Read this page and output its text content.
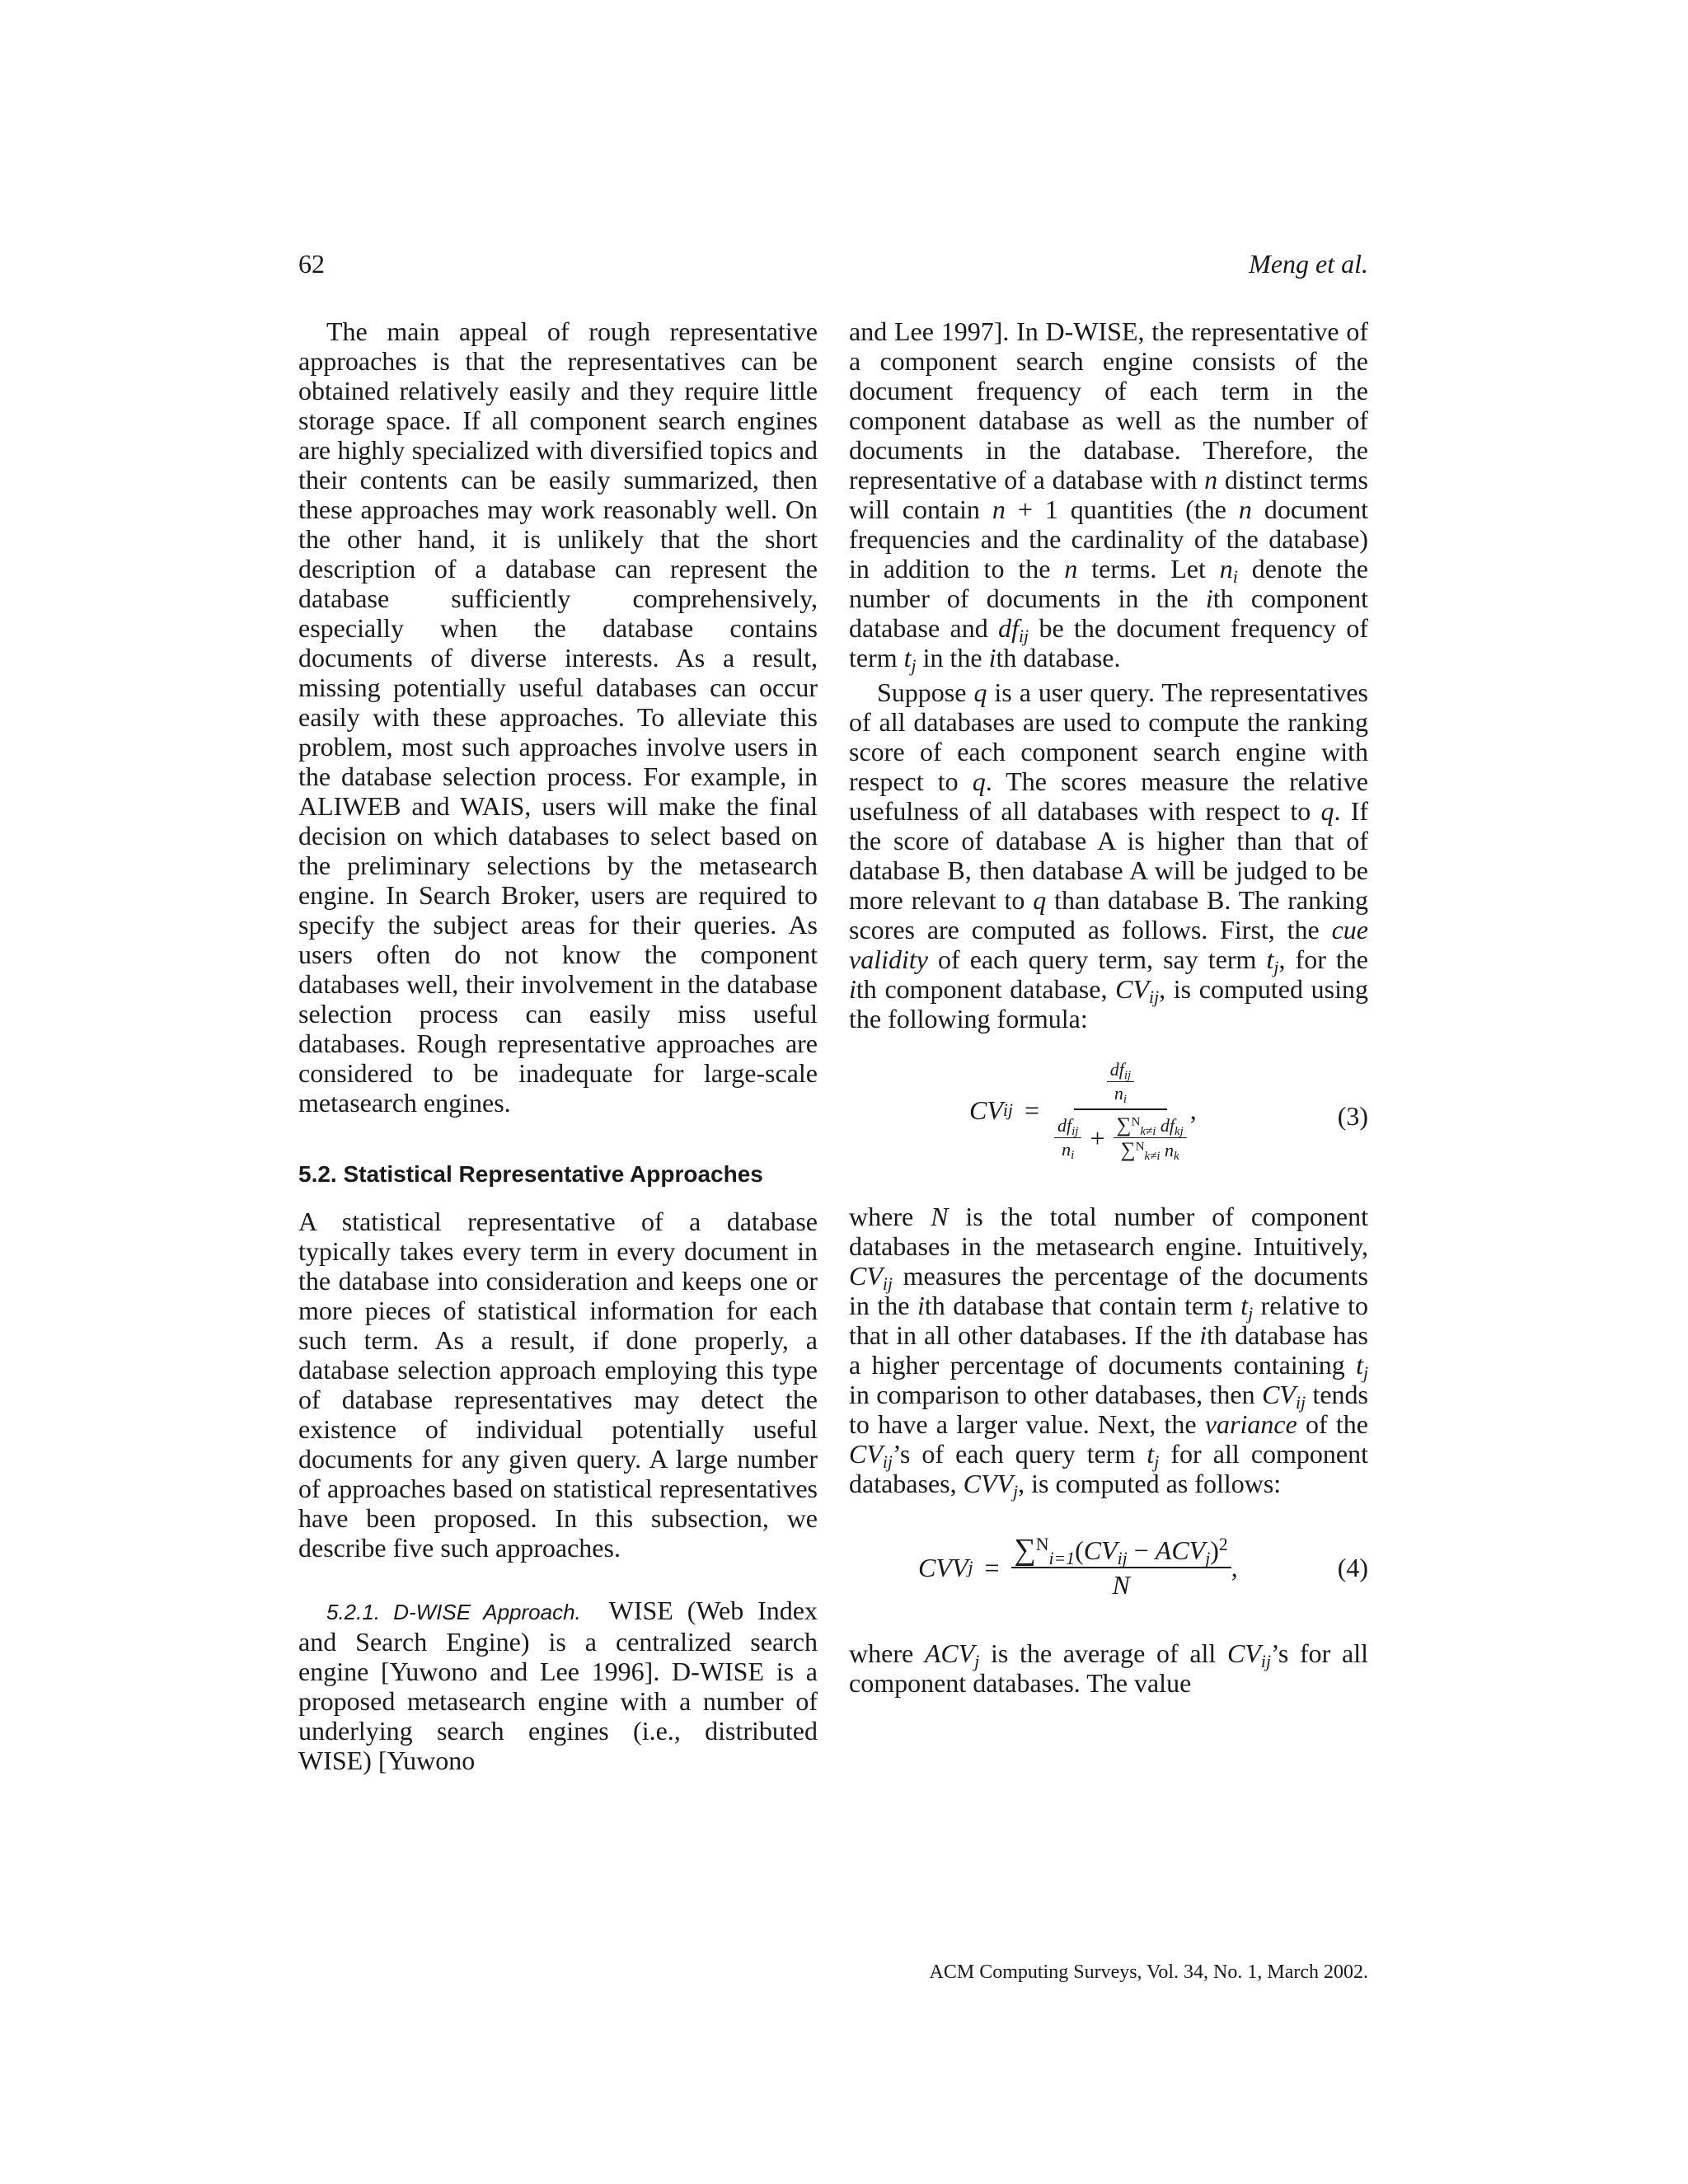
62	Meng et al.

The main appeal of rough representative approaches is that the representatives can be obtained relatively easily and they require little storage space. If all component search engines are highly specialized with diversified topics and their contents can be easily summarized, then these approaches may work reasonably well. On the other hand, it is unlikely that the short description of a database can represent the database sufficiently comprehensively, especially when the database contains documents of diverse interests. As a result, missing potentially useful databases can occur easily with these approaches. To alleviate this problem, most such approaches involve users in the database selection process. For example, in ALIWEB and WAIS, users will make the final decision on which databases to select based on the preliminary selections by the metasearch engine. In Search Broker, users are required to specify the subject areas for their queries. As users often do not know the component databases well, their involvement in the database selection process can easily miss useful databases. Rough representative approaches are considered to be inadequate for large-scale metasearch engines.

5.2. Statistical Representative Approaches

A statistical representative of a database typically takes every term in every document in the database into consideration and keeps one or more pieces of statistical information for each such term. As a result, if done properly, a database selection approach employing this type of database representatives may detect the existence of individual potentially useful documents for any given query. A large number of approaches based on statistical representatives have been proposed. In this subsection, we describe five such approaches.

5.2.1. D-WISE Approach. WISE (Web Index and Search Engine) is a centralized search engine [Yuwono and Lee 1996]. D-WISE is a proposed metasearch engine with a number of underlying search engines (i.e., distributed WISE) [Yuwono

and Lee 1997]. In D-WISE, the representative of a component search engine consists of the document frequency of each term in the component database as well as the number of documents in the database. Therefore, the representative of a database with n distinct terms will contain n + 1 quantities (the n document frequencies and the cardinality of the database) in addition to the n terms. Let $n_i$ denote the number of documents in the ith component database and $df_{ij}$ be the document frequency of term $t_j$ in the ith database.

Suppose q is a user query. The representatives of all databases are used to compute the ranking score of each component search engine with respect to q. The scores measure the relative usefulness of all databases with respect to q. If the score of database A is higher than that of database B, then database A will be judged to be more relevant to q than database B. The ranking scores are computed as follows. First, the cue validity of each query term, say term $t_j$, for the ith component database, $CV_{ij}$, is computed using the following formula:

CV ij = $\frac{\frac{df_{ij}}{n_i}}{\frac{df_{ij}}{n_i} + \frac{\sum^N_{k\ne i} df_{kj}}{\sum^N_{k\ne i} n_k}}$ ,	(3)

where N is the total number of component databases in the metasearch engine. Intuitively, $CV_{ij}$ measures the percentage of the documents in the ith database that contain term $t_j$ relative to that in all other databases. If the ith database has a higher percentage of documents containing $t_j$ in comparison to other databases, then $CV_{ij}$ tends to have a larger value. Next, the variance of the $CV_{ij}’s$ of each query term $t_j$ for all component databases, $CVV_j$, is computed as follows:

CVV $j = \frac{\sum^N_{i=1}(CV_{ij} - ACV_j)^2}{N}$ ,	(4)

where $ACV_j$ is the average of all $CV_{ij}’s$ for all component databases. The value

ACM Computing Surveys, Vol. 34, No. 1, March 2002.
